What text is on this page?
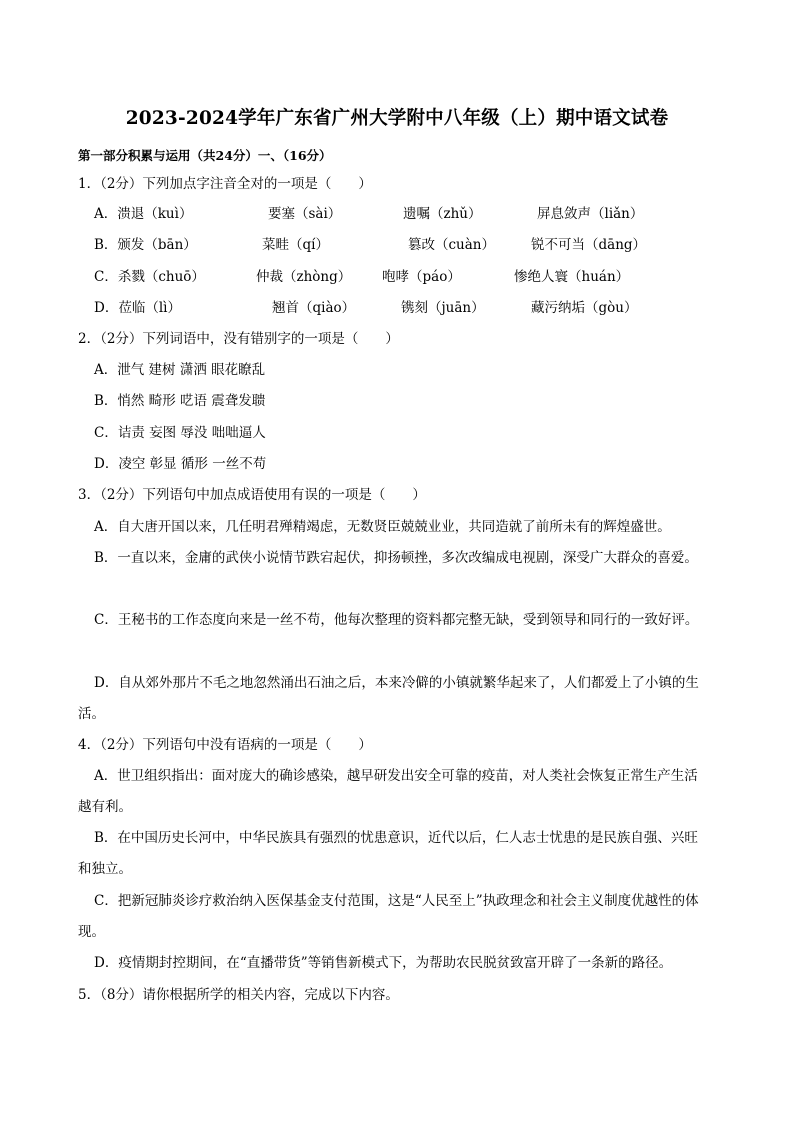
2023-2024学年广东省广州大学附中八年级（上）期中语文试卷
第一部分积累与运用（共24分）一、（16分）
1．（2分）下列加点字注音全对的一项是（　　）
A．溃退（kuì）	要塞（sài）	遗嘱（zhǔ）	屏息敛声（liǎn）
B．颁发（bān）	菜畦（qí）	篡改（cuàn）	锐不可当（dāng）
C．杀戮（chuō）	仲裁（zhòng） 咆哮（páo）	惨绝人寰（huán）
D．莅临（lì）	翘首（qiào）	镌刻（juān）	藏污纳垢（gòu）
2．（2分）下列词语中，没有错别字的一项是（　　）
A．泄气 建树 潇洒 眼花瞭乱
B．悄然 畸形 呓语 震聋发聩
C．诘责 妄图 辱没 咄咄逼人
D．凌空 彰显 循形 一丝不苟
3．（2分）下列语句中加点成语使用有误的一项是（　　）
A．自大唐开国以来，几任明君殚精竭虑，无数贤臣兢兢业业，共同造就了前所未有的辉煌盛世。
B．一直以来，金庸的武侠小说情节跌宕起伏，抑扬顿挫，多次改编成电视剧，深受广大群众的喜爱。
C．王秘书的工作态度向来是一丝不苟，他每次整理的资料都完整无缺，受到领导和同行的一致好评。
D．自从郊外那片不毛之地忽然涌出石油之后，本来冷僻的小镇就繁华起来了，人们都爱上了小镇的生
活。
4．（2分）下列语句中没有语病的一项是（　　）
A．世卫组织指出：面对庞大的确诊感染，越早研发出安全可靠的疫苗，对人类社会恢复正常生产生活
越有利。
B．在中国历史长河中，中华民族具有强烈的忧患意识，近代以后，仁人志士忧患的是民族自强、兴旺
和独立。
C．把新冠肺炎诊疗救治纳入医保基金支付范围，这是“人民至上”执政理念和社会主义制度优越性的体
现。
D．疫情期封控期间，在“直播带货”等销售新模式下，为帮助农民脱贫致富开辟了一条新的路径。
5．（8分）请你根据所学的相关内容，完成以下内容。
